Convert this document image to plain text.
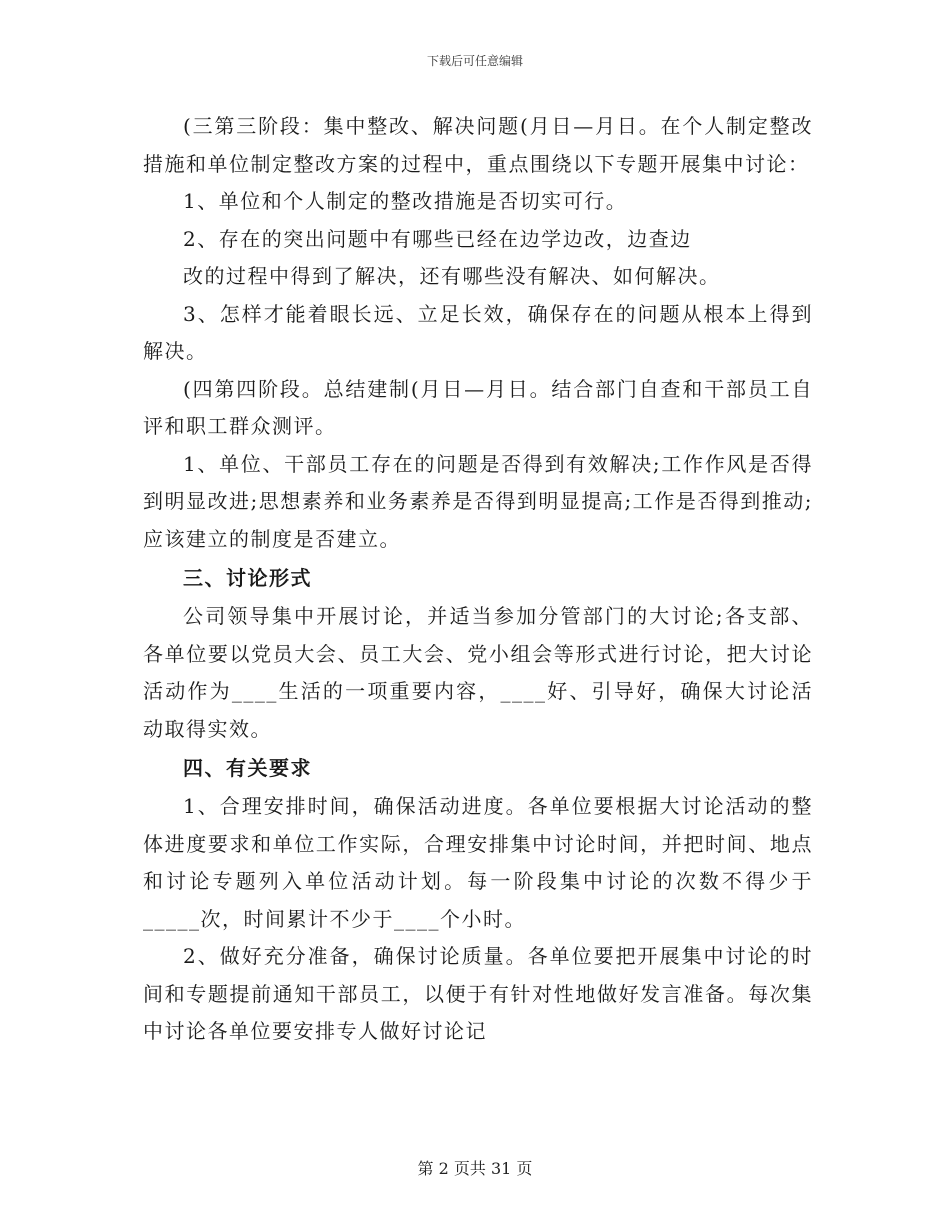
下载后可任意编辑

(三第三阶段：集中整改、解决问题(月日—月日。在个人制定整改措施和单位制定整改方案的过程中，重点围绕以下专题开展集中讨论：

1、单位和个人制定的整改措施是否切实可行。

2、存在的突出问题中有哪些已经在边学边改，边查边

改的过程中得到了解决，还有哪些没有解决、如何解决。

3、怎样才能着眼长远、立足长效，确保存在的问题从根本上得到解决。

(四第四阶段。总结建制(月日—月日。结合部门自查和干部员工自评和职工群众测评。

1、单位、干部员工存在的问题是否得到有效解决;工作作风是否得到明显改进;思想素养和业务素养是否得到明显提高;工作是否得到推动;应该建立的制度是否建立。

三、讨论形式

公司领导集中开展讨论，并适当参加分管部门的大讨论;各支部、各单位要以党员大会、员工大会、党小组会等形式进行讨论，把大讨论活动作为____生活的一项重要内容，____好、引导好，确保大讨论活动取得实效。

四、有关要求

1、合理安排时间，确保活动进度。各单位要根据大讨论活动的整体进度要求和单位工作实际，合理安排集中讨论时间，并把时间、地点和讨论专题列入单位活动计划。每一阶段集中讨论的次数不得少于_____次，时间累计不少于____个小时。

2、做好充分准备，确保讨论质量。各单位要把开展集中讨论的时间和专题提前通知干部员工，以便于有针对性地做好发言准备。每次集中讨论各单位要安排专人做好讨论记

第 2 页共 31 页
